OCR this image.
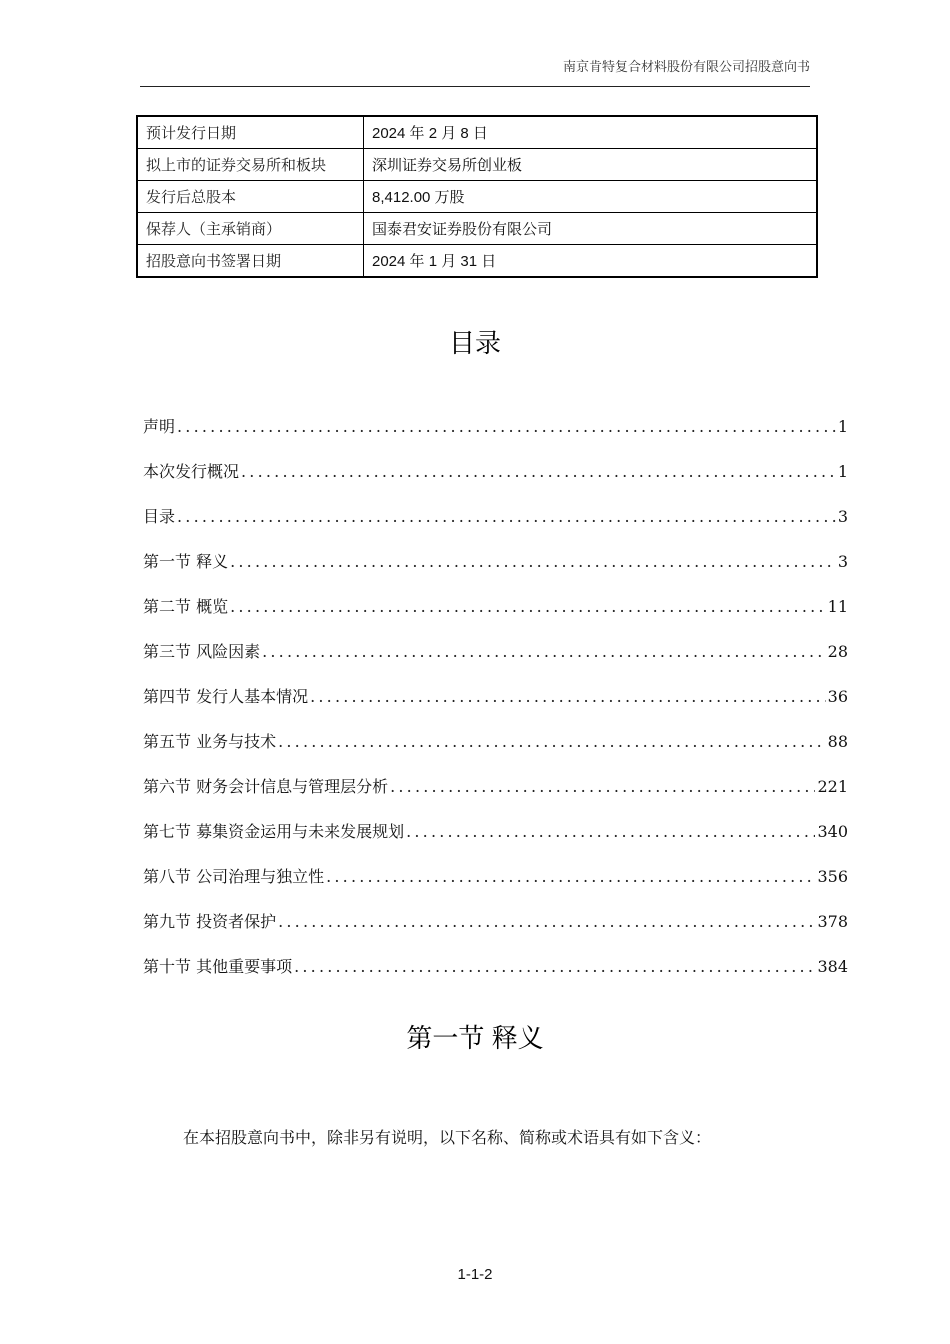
南京肯特复合材料股份有限公司招股意向书
预计发行日期	2024 年 2 月 8 日
拟上市的证券交易所和板块	深圳证券交易所创业板
发行后总股本	8,412.00 万股
保荐人（主承销商）	国泰君安证券股份有限公司
招股意向书签署日期	2024 年 1 月 31 日
目录
声明 .....	1
本次发行概况 .....	1
目录 .....	3
第一节 释义 .....	3
第二节 概览 .....	11
第三节 风险因素 .....	28
第四节 发行人基本情况 .....	36
第五节 业务与技术 .....	88
第六节 财务会计信息与管理层分析 .....	221
第七节 募集资金运用与未来发展规划 .....	340
第八节 公司治理与独立性 .....	356
第九节 投资者保护 .....	378
第十节 其他重要事项 .....	384
第一节 释义
在本招股意向书中，除非另有说明，以下名称、简称或术语具有如下含义：
1-1-2
